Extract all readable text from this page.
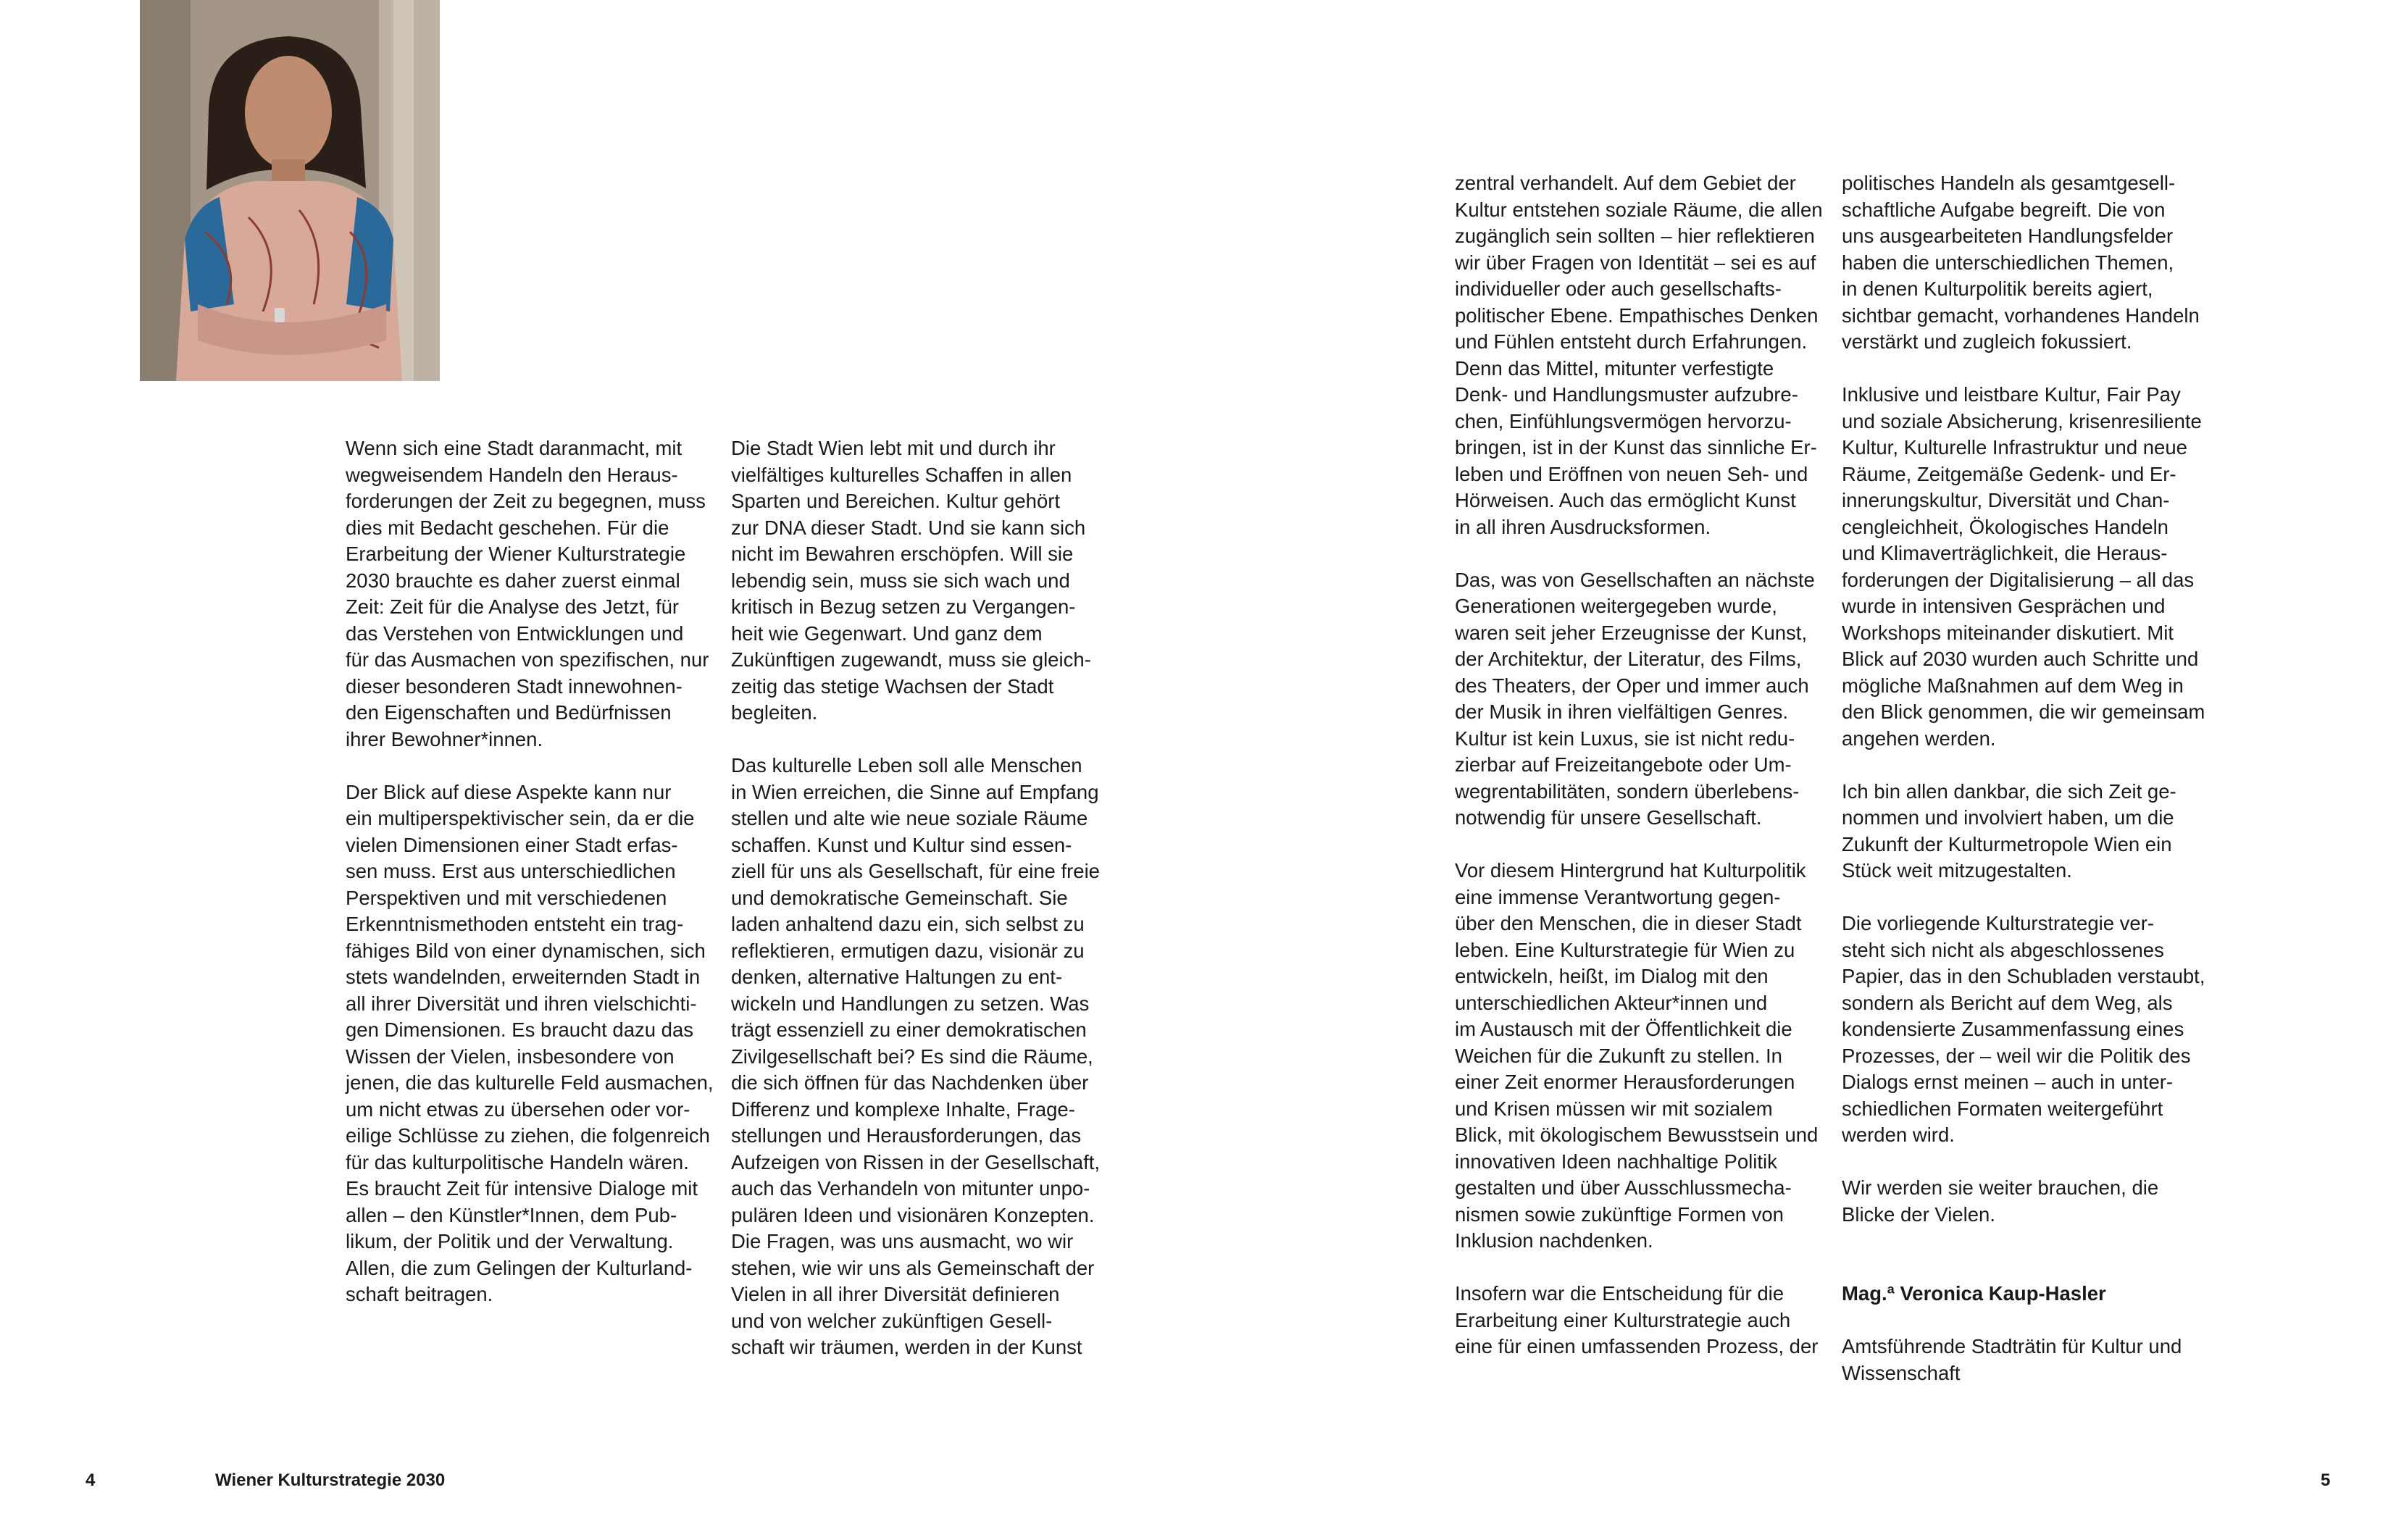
Wenn sich eine Stadt daranmacht, mit
wegweisendem Handeln den Heraus-
forderungen der Zeit zu begegnen, muss
dies mit Bedacht geschehen. Für die
Erarbeitung der Wiener Kulturstrategie
2030 brauchte es daher zuerst einmal
Zeit: Zeit für die Analyse des Jetzt, für
das Verstehen von Entwicklungen und
für das Ausmachen von spezifischen, nur
dieser besonderen Stadt innewohnen-
den Eigenschaften und Bedürfnissen
ihrer Bewohner*innen.

Der Blick auf diese Aspekte kann nur
ein multiperspektivischer sein, da er die
vielen Dimensionen einer Stadt erfas-
sen muss. Erst aus unterschiedlichen
Perspektiven und mit verschiedenen
Erkenntnismethoden entsteht ein trag-
fähiges Bild von einer dynamischen, sich
stets wandelnden, erweiternden Stadt in
all ihrer Diversität und ihren vielschichti-
gen Dimensionen. Es braucht dazu das
Wissen der Vielen, insbesondere von
jenen, die das kulturelle Feld ausmachen,
um nicht etwas zu übersehen oder vor-
eilige Schlüsse zu ziehen, die folgenreich
für das kulturpolitische Handeln wären.
Es braucht Zeit für intensive Dialoge mit
allen – den Künstler*Innen, dem Pub-
likum, der Politik und der Verwaltung.
Allen, die zum Gelingen der Kulturland-
schaft beitragen.

Die Stadt Wien lebt mit und durch ihr
vielfältiges kulturelles Schaffen in allen
Sparten und Bereichen. Kultur gehört
zur DNA dieser Stadt. Und sie kann sich
nicht im Bewahren erschöpfen. Will sie
lebendig sein, muss sie sich wach und
kritisch in Bezug setzen zu Vergangen-
heit wie Gegenwart. Und ganz dem
Zukünftigen zugewandt, muss sie gleich-
zeitig das stetige Wachsen der Stadt
begleiten.

Das kulturelle Leben soll alle Menschen
in Wien erreichen, die Sinne auf Empfang
stellen und alte wie neue soziale Räume
schaffen. Kunst und Kultur sind essen-
ziell für uns als Gesellschaft, für eine freie
und demokratische Gemeinschaft. Sie
laden anhaltend dazu ein, sich selbst zu
reflektieren, ermutigen dazu, visionär zu
denken, alternative Haltungen zu ent-
wickeln und Handlungen zu setzen. Was
trägt essenziell zu einer demokratischen
Zivilgesellschaft bei? Es sind die Räume,
die sich öffnen für das Nachdenken über
Differenz und komplexe Inhalte, Frage-
stellungen und Herausforderungen, das
Aufzeigen von Rissen in der Gesellschaft,
auch das Verhandeln von mitunter unpo-
pulären Ideen und visionären Konzepten.
Die Fragen, was uns ausmacht, wo wir
stehen, wie wir uns als Gemeinschaft der
Vielen in all ihrer Diversität definieren
und von welcher zukünftigen Gesell-
schaft wir träumen, werden in der Kunst

zentral verhandelt. Auf dem Gebiet der
Kultur entstehen soziale Räume, die allen
zugänglich sein sollten – hier reflektieren
wir über Fragen von Identität – sei es auf
individueller oder auch gesellschafts-
politischer Ebene. Empathisches Denken
und Fühlen entsteht durch Erfahrungen.
Denn das Mittel, mitunter verfestigte
Denk- und Handlungsmuster aufzubre-
chen, Einfühlungsvermögen hervorzu-
bringen, ist in der Kunst das sinnliche Er-
leben und Eröffnen von neuen Seh- und
Hörweisen. Auch das ermöglicht Kunst
in all ihren Ausdrucksformen.

Das, was von Gesellschaften an nächste
Generationen weitergegeben wurde,
waren seit jeher Erzeugnisse der Kunst,
der Architektur, der Literatur, des Films,
des Theaters, der Oper und immer auch
der Musik in ihren vielfältigen Genres.
Kultur ist kein Luxus, sie ist nicht redu-
zierbar auf Freizeitangebote oder Um-
wegrentabilitäten, sondern überlebens-
notwendig für unsere Gesellschaft.

Vor diesem Hintergrund hat Kulturpolitik
eine immense Verantwortung gegen-
über den Menschen, die in dieser Stadt
leben. Eine Kulturstrategie für Wien zu
entwickeln, heißt, im Dialog mit den
unterschiedlichen Akteur*innen und
im Austausch mit der Öffentlichkeit die
Weichen für die Zukunft zu stellen. In
einer Zeit enormer Herausforderungen
und Krisen müssen wir mit sozialem
Blick, mit ökologischem Bewusstsein und
innovativen Ideen nachhaltige Politik
gestalten und über Ausschlussmecha-
nismen sowie zukünftige Formen von
Inklusion nachdenken.

Insofern war die Entscheidung für die
Erarbeitung einer Kulturstrategie auch
eine für einen umfassenden Prozess, der

politisches Handeln als gesamtgesell-
schaftliche Aufgabe begreift. Die von
uns ausgearbeiteten Handlungsfelder
haben die unterschiedlichen Themen,
in denen Kulturpolitik bereits agiert,
sichtbar gemacht, vorhandenes Handeln
verstärkt und zugleich fokussiert.

Inklusive und leistbare Kultur, Fair Pay
und soziale Absicherung, krisenresiliente
Kultur, Kulturelle Infrastruktur und neue
Räume, Zeitgemäße Gedenk- und Er-
innerungskultur, Diversität und Chan-
cengleichheit, Ökologisches Handeln
und Klimaverträglichkeit, die Heraus-
forderungen der Digitalisierung – all das
wurde in intensiven Gesprächen und
Workshops miteinander diskutiert. Mit
Blick auf 2030 wurden auch Schritte und
mögliche Maßnahmen auf dem Weg in
den Blick genommen, die wir gemeinsam
angehen werden.

Ich bin allen dankbar, die sich Zeit ge-
nommen und involviert haben, um die
Zukunft der Kulturmetropole Wien ein
Stück weit mitzugestalten.

Die vorliegende Kulturstrategie ver-
steht sich nicht als abgeschlossenes
Papier, das in den Schubladen verstaubt,
sondern als Bericht auf dem Weg, als
kondensierte Zusammenfassung eines
Prozesses, der – weil wir die Politik des
Dialogs ernst meinen – auch in unter-
schiedlichen Formaten weitergeführt
werden wird.

Wir werden sie weiter brauchen, die
Blicke der Vielen.

Mag.ª Veronica Kaup-Hasler

Amtsführende Stadträtin für Kultur und
Wissenschaft

4	Wiener Kulturstrategie 2030	5
